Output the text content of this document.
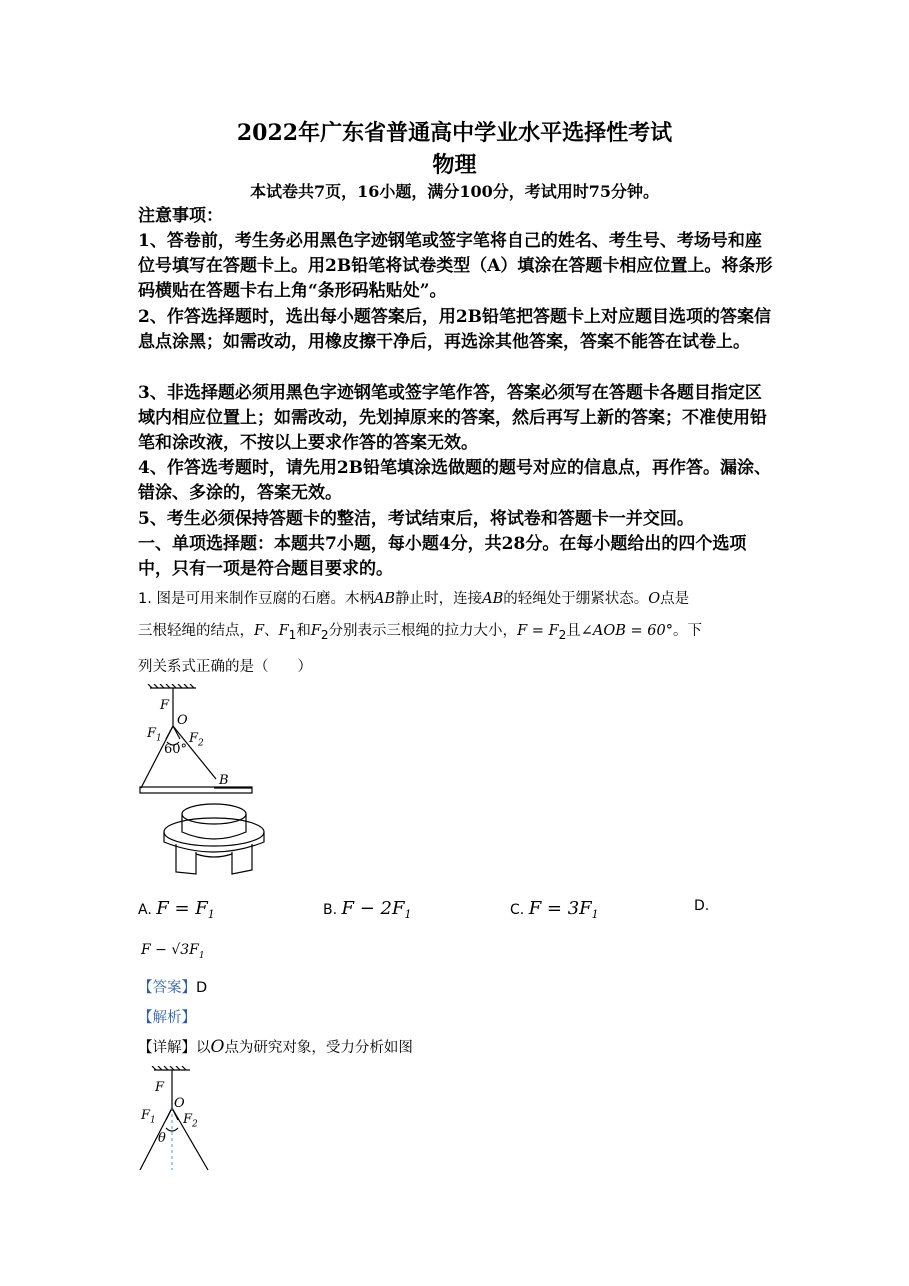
2022年广东省普通高中学业水平选择性考试
物理
本试卷共7页，16小题，满分100分，考试用时75分钟。
注意事项：
1、答卷前，考生务必用黑色字迹钢笔或签字笔将自己的姓名、考生号、考场号和座位号填写在答题卡上。用2B铅笔将试卷类型（A）填涂在答题卡相应位置上。将条形码横贴在答题卡右上角“条形码粘贴处”。
2、作答选择题时，选出每小题答案后，用2B铅笔把答题卡上对应题目选项的答案信息点涂黑；如需改动，用橡皮擦干净后，再选涂其他答案，答案不能答在试卷上。
3、非选择题必须用黑色字迹钢笔或签字笔作答，答案必须写在答题卡各题目指定区域内相应位置上；如需改动，先划掉原来的答案，然后再写上新的答案；不准使用铅笔和涂改液，不按以上要求作答的答案无效。
4、作答选考题时，请先用2B铅笔填涂选做题的题号对应的信息点，再作答。漏涂、错涂、多涂的，答案无效。
5、考生必须保持答题卡的整洁，考试结束后，将试卷和答题卡一并交回。
一、单项选择题：本题共7小题，每小题4分，共28分。在每小题给出的四个选项中，只有一项是符合题目要求的。
1. 图是可用来制作豆腐的石磨。木柄AB静止时，连接AB的轻绳处于绷紧状态。O点是
三根轻绳的结点，F、$F_1$和$F_2$分别表示三根绳的拉力大小，$F = F_2$且∠AOB = 60°。下
列关系式正确的是（　　）
F
O
$F_1$ $F_2$
60°
B
A. $F = F_1$	B. $F - 2F_1$	C. $F = 3F_1$
D.
$F - √3F_1$
【答案】D
【解析】
【详解】以O点为研究对象，受力分析如图
F
O
$F_1$ $F_2$
θ
